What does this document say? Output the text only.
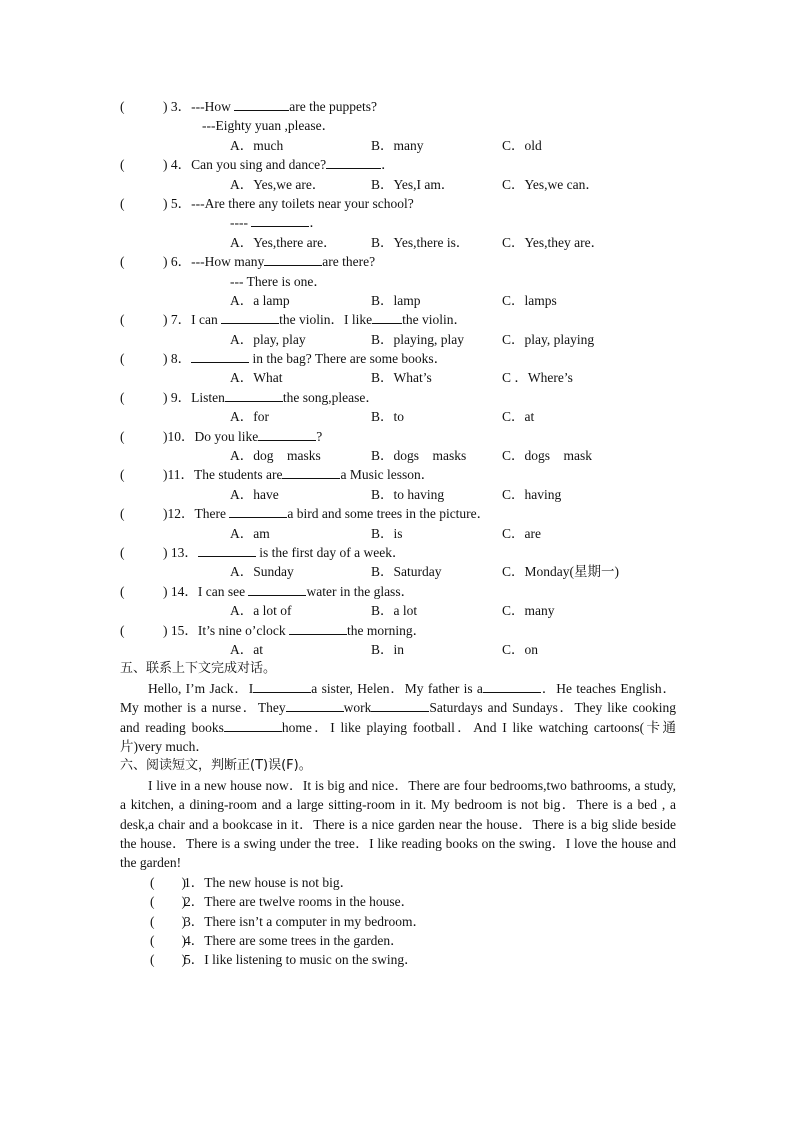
(	) 3．---How	are the puppets?
---Eighty yuan ,please．
A．much	B．many	C．old
(	) 4．Can you sing and dance?	．
A．Yes,we are．	B．Yes,I am．	C．Yes,we can．
(	) 5．---Are there any toilets near your school?
----	．
A．Yes,there are．	B．Yes,there is． C．Yes,they are．
(	) 6．---How many	are there?
--- There is one．
A．a lamp	B．lamp	C．lamps
(	) 7．I can	the violin．I like the violin．
A．play, play	B．playing, play	C．play, playing
(	) 8．	in the bag? There are some books．
A．What	B．What’s	C ．Where’s
(	) 9．Listen	the song,please．
A．for	B．to	C．at
(	)10．Do you like	?
A．dog　masks	B．dogs　masks	C．dogs　mask
(	)11．The students are	a Music lesson．
A．have	B．to having	C．having
(	)12．There	a bird and some trees in the picture．
A．am	B．is	C．are
(	) 13．	is the first day of a week．
A．Sunday	B．Saturday	C．Monday(星期一)
(	) 14．I can see	water in the glass．
A．a lot of	B．a lot	C．many
(	) 15．It’s nine o’clock	the morning．
A．at	B．in	C．on
五、联系上下文完成对话。
Hello, I’m Jack．I	a sister, Helen．My father is a	．He teaches English．My mother is a nurse．They	work	Saturdays and Sundays．They like cooking and reading books	home．I like playing football．And I like watching cartoons(卡通片)very much．
六、阅读短文，判断正(T)误(F)。
I live in a new house now．It is big and nice．There are four bedrooms,two bathrooms, a study, a kitchen, a dining-room and a large sitting-room in it. My bedroom is not big．There is a bed , a desk,a chair and a bookcase in it．There is a nice garden near the house．There is a big slide beside the house．There is a swing under the tree．I like reading books on the swing．I love the house and the garden!
(　　)
1．The new house is not big．
(　　)
2．There are twelve rooms in the house．
(　　)
3．There isn’t a computer in my bedroom．
(　　)
4．There are some trees in the garden．
(　　)
5．I like listening to music on the swing．
